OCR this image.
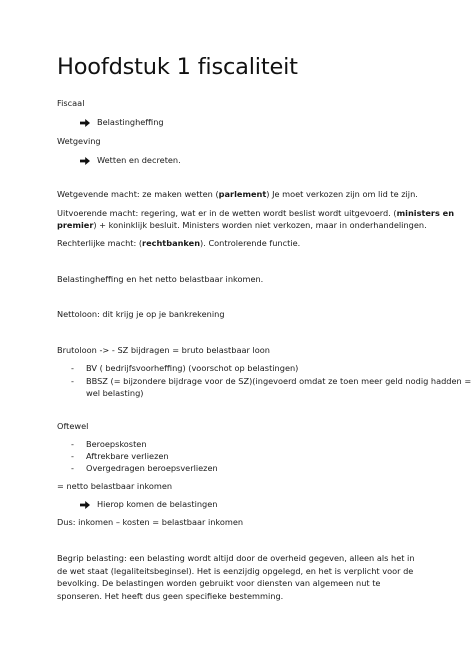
Hoofdstuk 1 fiscaliteit
Fiscaal
Belastingheffing
Wetgeving
Wetten en decreten.
Wetgevende macht: ze maken wetten (parlement) Je moet verkozen zijn om lid te zijn.
Uitvoerende macht: regering, wat er in de wetten wordt beslist wordt uitgevoerd. (ministers en
premier) + koninklijk besluit. Ministers worden niet verkozen, maar in onderhandelingen.
Rechterlijke macht: (rechtbanken). Controlerende functie.
Belastingheffing en het netto belastbaar inkomen.
Nettoloon: dit krijg je op je bankrekening
Brutoloon -> - SZ bijdragen = bruto belastbaar loon
- BV ( bedrijfsvoorheffing) (voorschot op belastingen)
- BBSZ (= bijzondere bijdrage voor de SZ)(ingevoerd omdat ze toen meer geld nodig hadden =
wel belasting)
Oftewel
- Beroepskosten
- Aftrekbare verliezen
- Overgedragen beroepsverliezen
= netto belastbaar inkomen
Hierop komen de belastingen
Dus: inkomen – kosten = belastbaar inkomen
Begrip belasting: een belasting wordt altijd door de overheid gegeven, alleen als het in de wet staat (legaliteitsbeginsel). Het is eenzijdig opgelegd, en het is verplicht voor de bevolking. De belastingen worden gebruikt voor diensten van algemeen nut te sponseren. Het heeft dus geen specifieke bestemming.
